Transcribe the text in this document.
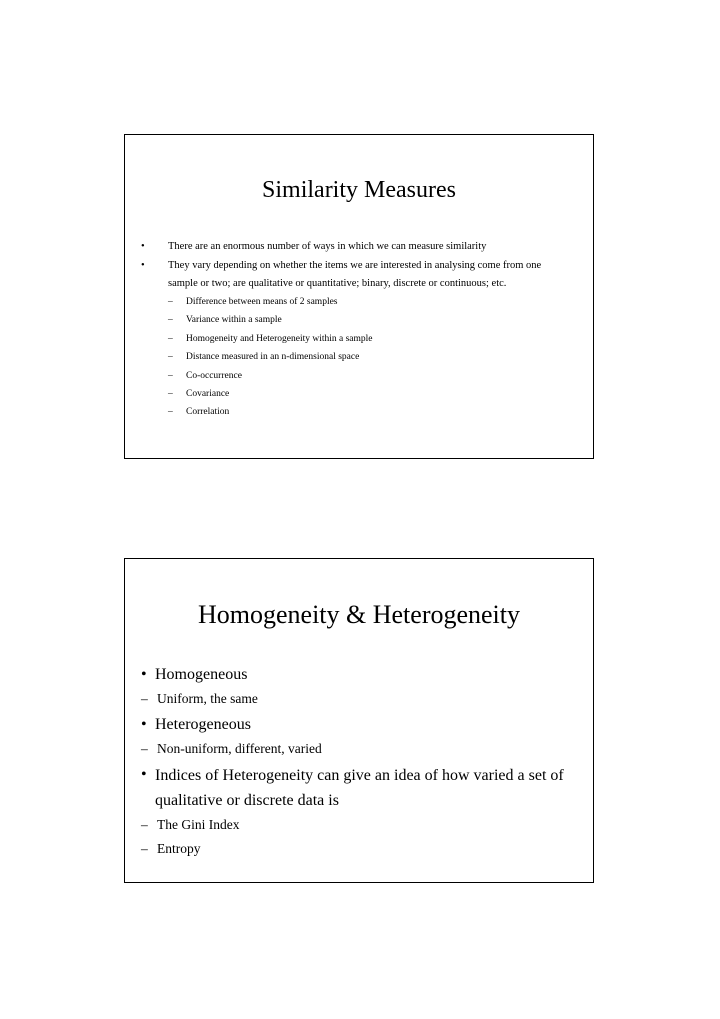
Similarity Measures
• There are an enormous number of ways in which we can measure similarity
• They vary depending on whether the items we are interested in analysing come from one sample or two; are qualitative or quantitative; binary, discrete or continuous; etc.
– Difference between means of 2 samples
– Variance within a sample
– Homogeneity and Heterogeneity within a sample
– Distance measured in an n-dimensional space
– Co-occurrence
– Covariance
– Correlation
Homogeneity & Heterogeneity
• Homogeneous
– Uniform, the same
• Heterogeneous
– Non-uniform, different, varied
• Indices of Heterogeneity can give an idea of how varied a set of qualitative or discrete data is
– The Gini Index
– Entropy
